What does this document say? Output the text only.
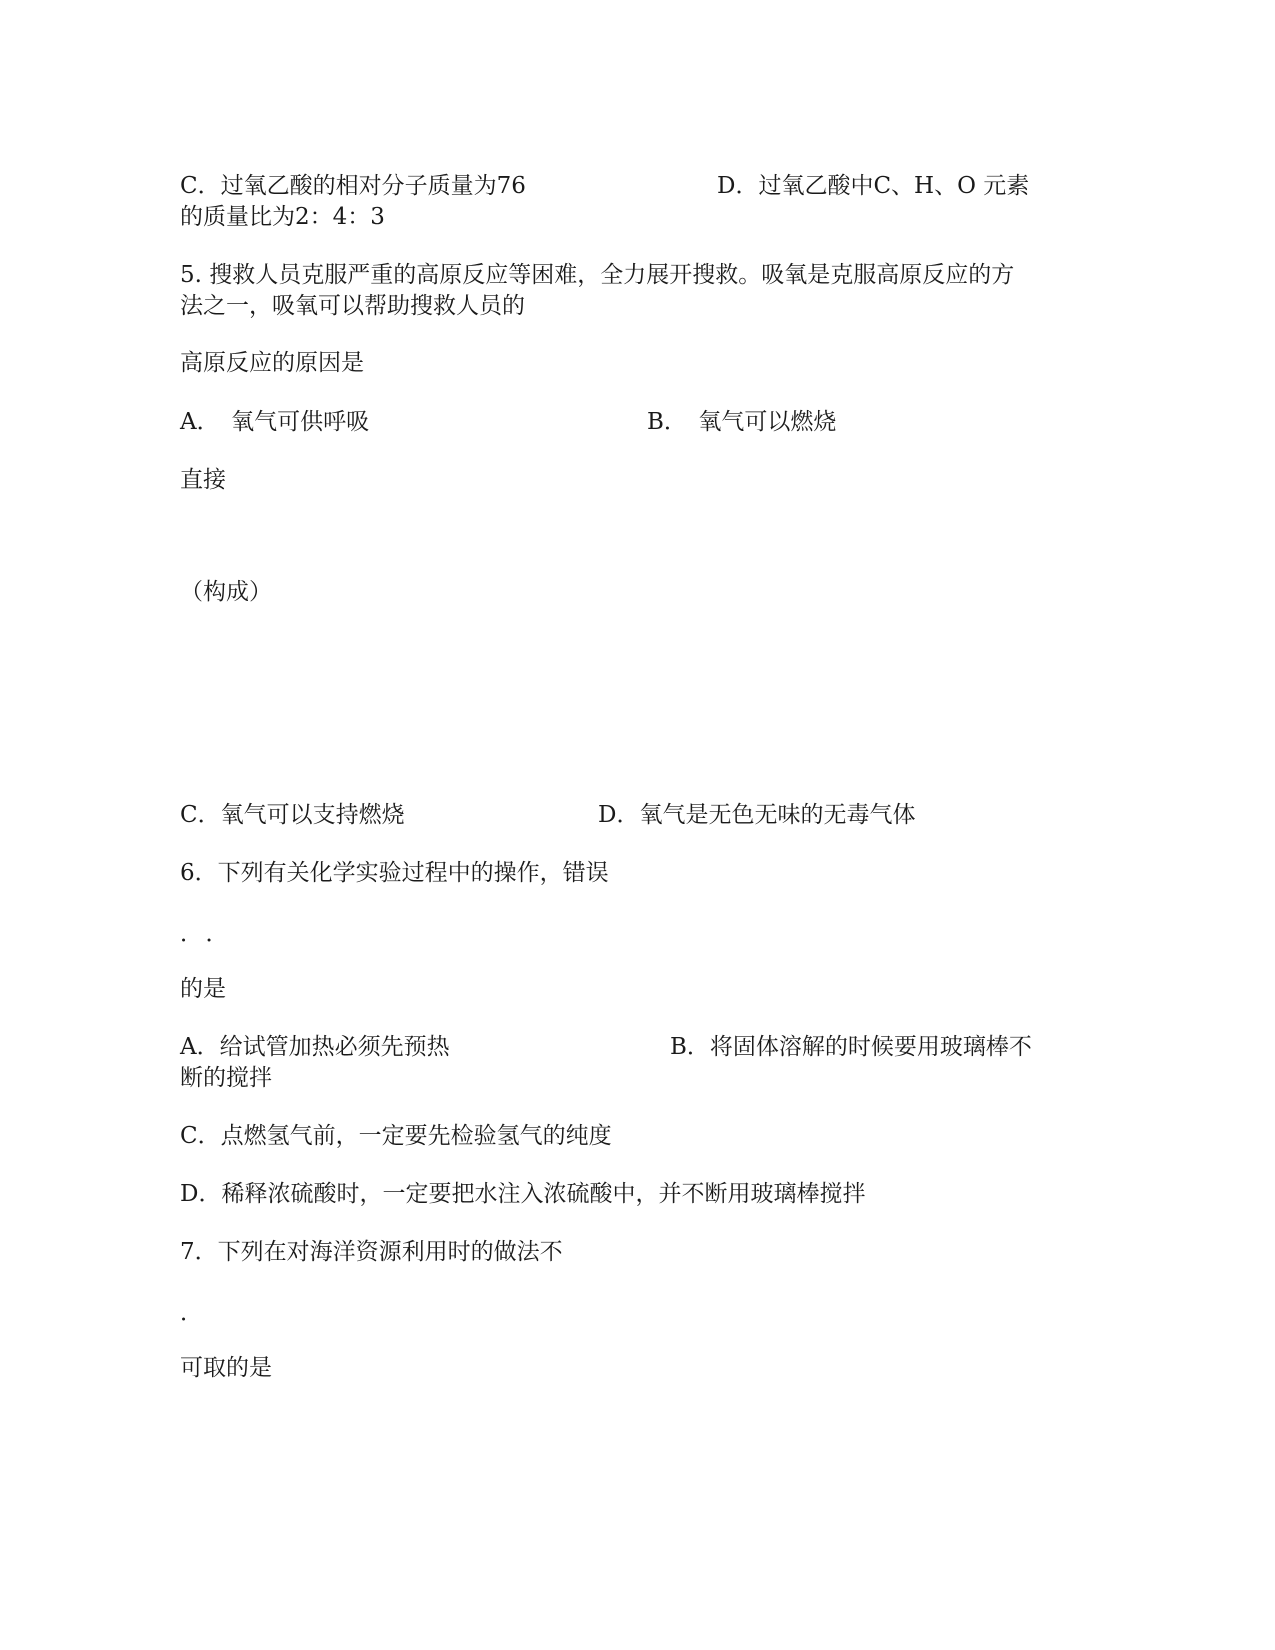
C．过氧乙酸的相对分子质量为76	D．过氧乙酸中C、H、O 元素
的质量比为2：4：3
5. 搜救人员克服严重的高原反应等困难，全力展开搜救。吸氧是克服高原反应的方
法之一，吸氧可以帮助搜救人员的
高原反应的原因是
A．　氧气可供呼吸	B．　氧气可以燃烧
直接
（构成）
C．氧气可以支持燃烧	D．氧气是无色无味的无毒气体
6．下列有关化学实验过程中的操作，错误
．．
的是
A．给试管加热必须先预热	B．将固体溶解的时候要用玻璃棒不
断的搅拌
C．点燃氢气前，一定要先检验氢气的纯度
D．稀释浓硫酸时，一定要把水注入浓硫酸中，并不断用玻璃棒搅拌
7．下列在对海洋资源利用时的做法不
．
可取的是
